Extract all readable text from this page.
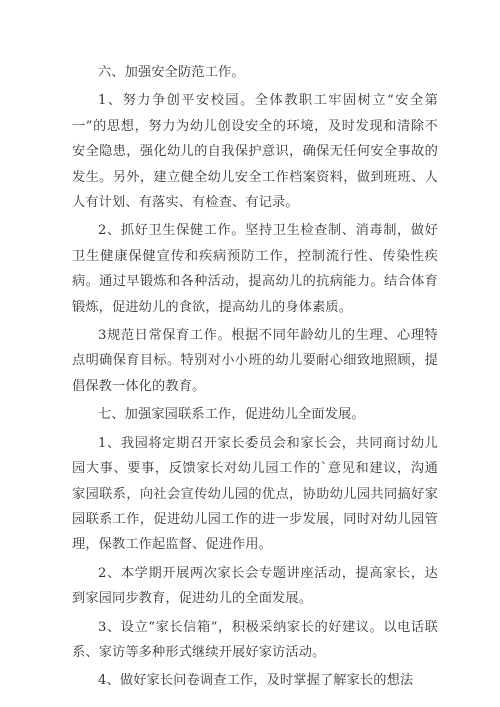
六、加强安全防范工作。

1、努力争创平安校园。全体教职工牢固树立“安全第一”的思想，努力为幼儿创设安全的环境，及时发现和清除不安全隐患，强化幼儿的自我保护意识，确保无任何安全事故的发生。另外，建立健全幼儿安全工作档案资料，做到班班、人人有计划、有落实、有检查、有记录。

2、抓好卫生保健工作。坚持卫生检查制、消毒制，做好卫生健康保健宣传和疾病预防工作，控制流行性、传染性疾病。通过早锻炼和各种活动，提高幼儿的抗病能力。结合体育锻炼，促进幼儿的食欲，提高幼儿的身体素质。

3规范日常保育工作。根据不同年龄幼儿的生理、心理特点明确保育目标。特别对小小班的幼儿要耐心细致地照顾，提倡保教一体化的教育。

七、加强家园联系工作，促进幼儿全面发展。

1、我园将定期召开家长委员会和家长会，共同商讨幼儿园大事、要事，反馈家长对幼儿园工作的`意见和建议，沟通家园联系，向社会宣传幼儿园的优点，协助幼儿园共同搞好家园联系工作，促进幼儿园工作的进一步发展，同时对幼儿园管理，保教工作起监督、促进作用。

2、本学期开展两次家长会专题讲座活动，提高家长，达到家园同步教育，促进幼儿的全面发展。

3、设立“家长信箱”，积极采纳家长的好建议。以电话联系、家访等多种形式继续开展好家访活动。

4、做好家长问卷调查工作，及时掌握了解家长的想法
